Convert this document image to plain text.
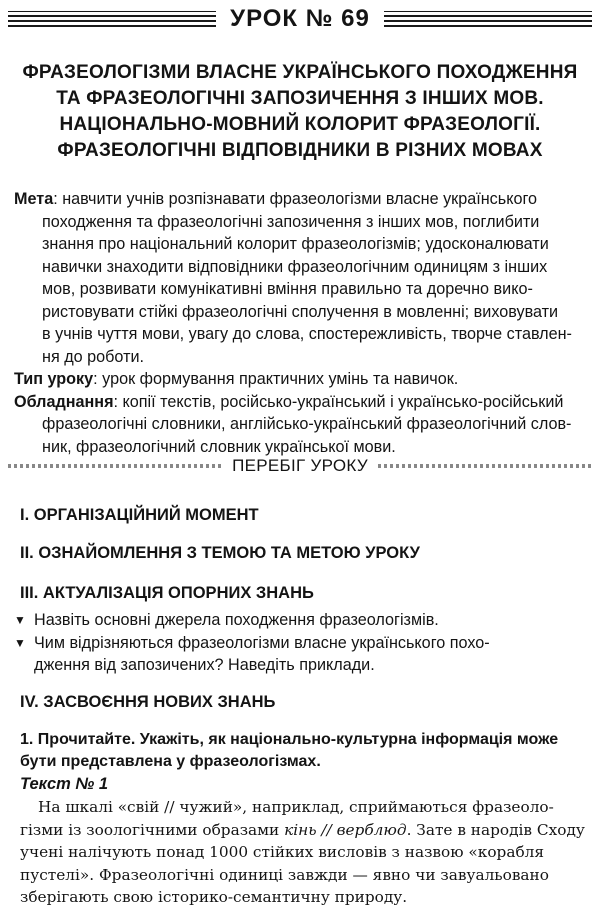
УРОК № 69
ФРАЗЕОЛОГІЗМИ ВЛАСНЕ УКРАЇНСЬКОГО ПОХОДЖЕННЯ
ТА ФРАЗЕОЛОГІЧНІ ЗАПОЗИЧЕННЯ З ІНШИХ МОВ.
НАЦІОНАЛЬНО-МОВНИЙ КОЛОРИТ ФРАЗЕОЛОГІЇ.
ФРАЗЕОЛОГІЧНІ ВІДПОВІДНИКИ В РІЗНИХ МОВАХ
Мета: навчити учнів розпізнавати фразеологізми власне українського
походження та фразеологічні запозичення з інших мов, поглибити
знання про національний колорит фразеологізмів; удосконалювати
навички знаходити відповідники фразеологічним одиницям з інших
мов, розвивати комунікативні вміння правильно та доречно вико-
ристовувати стійкі фразеологічні сполучення в мовленні; виховувати
в учнів чуття мови, увагу до слова, спостережливість, творче ставлен-
ня до роботи.
Тип уроку: урок формування практичних умінь та навичок.
Обладнання: копії текстів, російсько-український і українсько-російський
фразеологічні словники, англійсько-український фразеологічний слов-
ник, фразеологічний словник української мови.
ПЕРЕБІГ УРОКУ
І. ОРГАНІЗАЦІЙНИЙ МОМЕНТ
ІІ. ОЗНАЙОМЛЕННЯ З ТЕМОЮ ТА МЕТОЮ УРОКУ
ІІІ. АКТУАЛІЗАЦІЯ ОПОРНИХ ЗНАНЬ
▼ Назвіть основні джерела походження фразеологізмів.
▼ Чим відрізняються фразеологізми власне українського похо-
дження від запозичених? Наведіть приклади.
IV. ЗАСВОЄННЯ НОВИХ ЗНАНЬ
1. Прочитайте. Укажіть, як національно-культурна інформація може
бути представлена у фразеологізмах.
Текст № 1
На шкалі «свій // чужий», наприклад, сприймаються фразеоло-
гізми із зоологічними образами кінь // верблюд. Зате в народів Сходу
учені налічують понад 1000 стійких висловів з назвою «корабля
пустелі». Фразеологічні одиниці завжди — явно чи завуальовано
зберігають свою історико-семантичну природу.
